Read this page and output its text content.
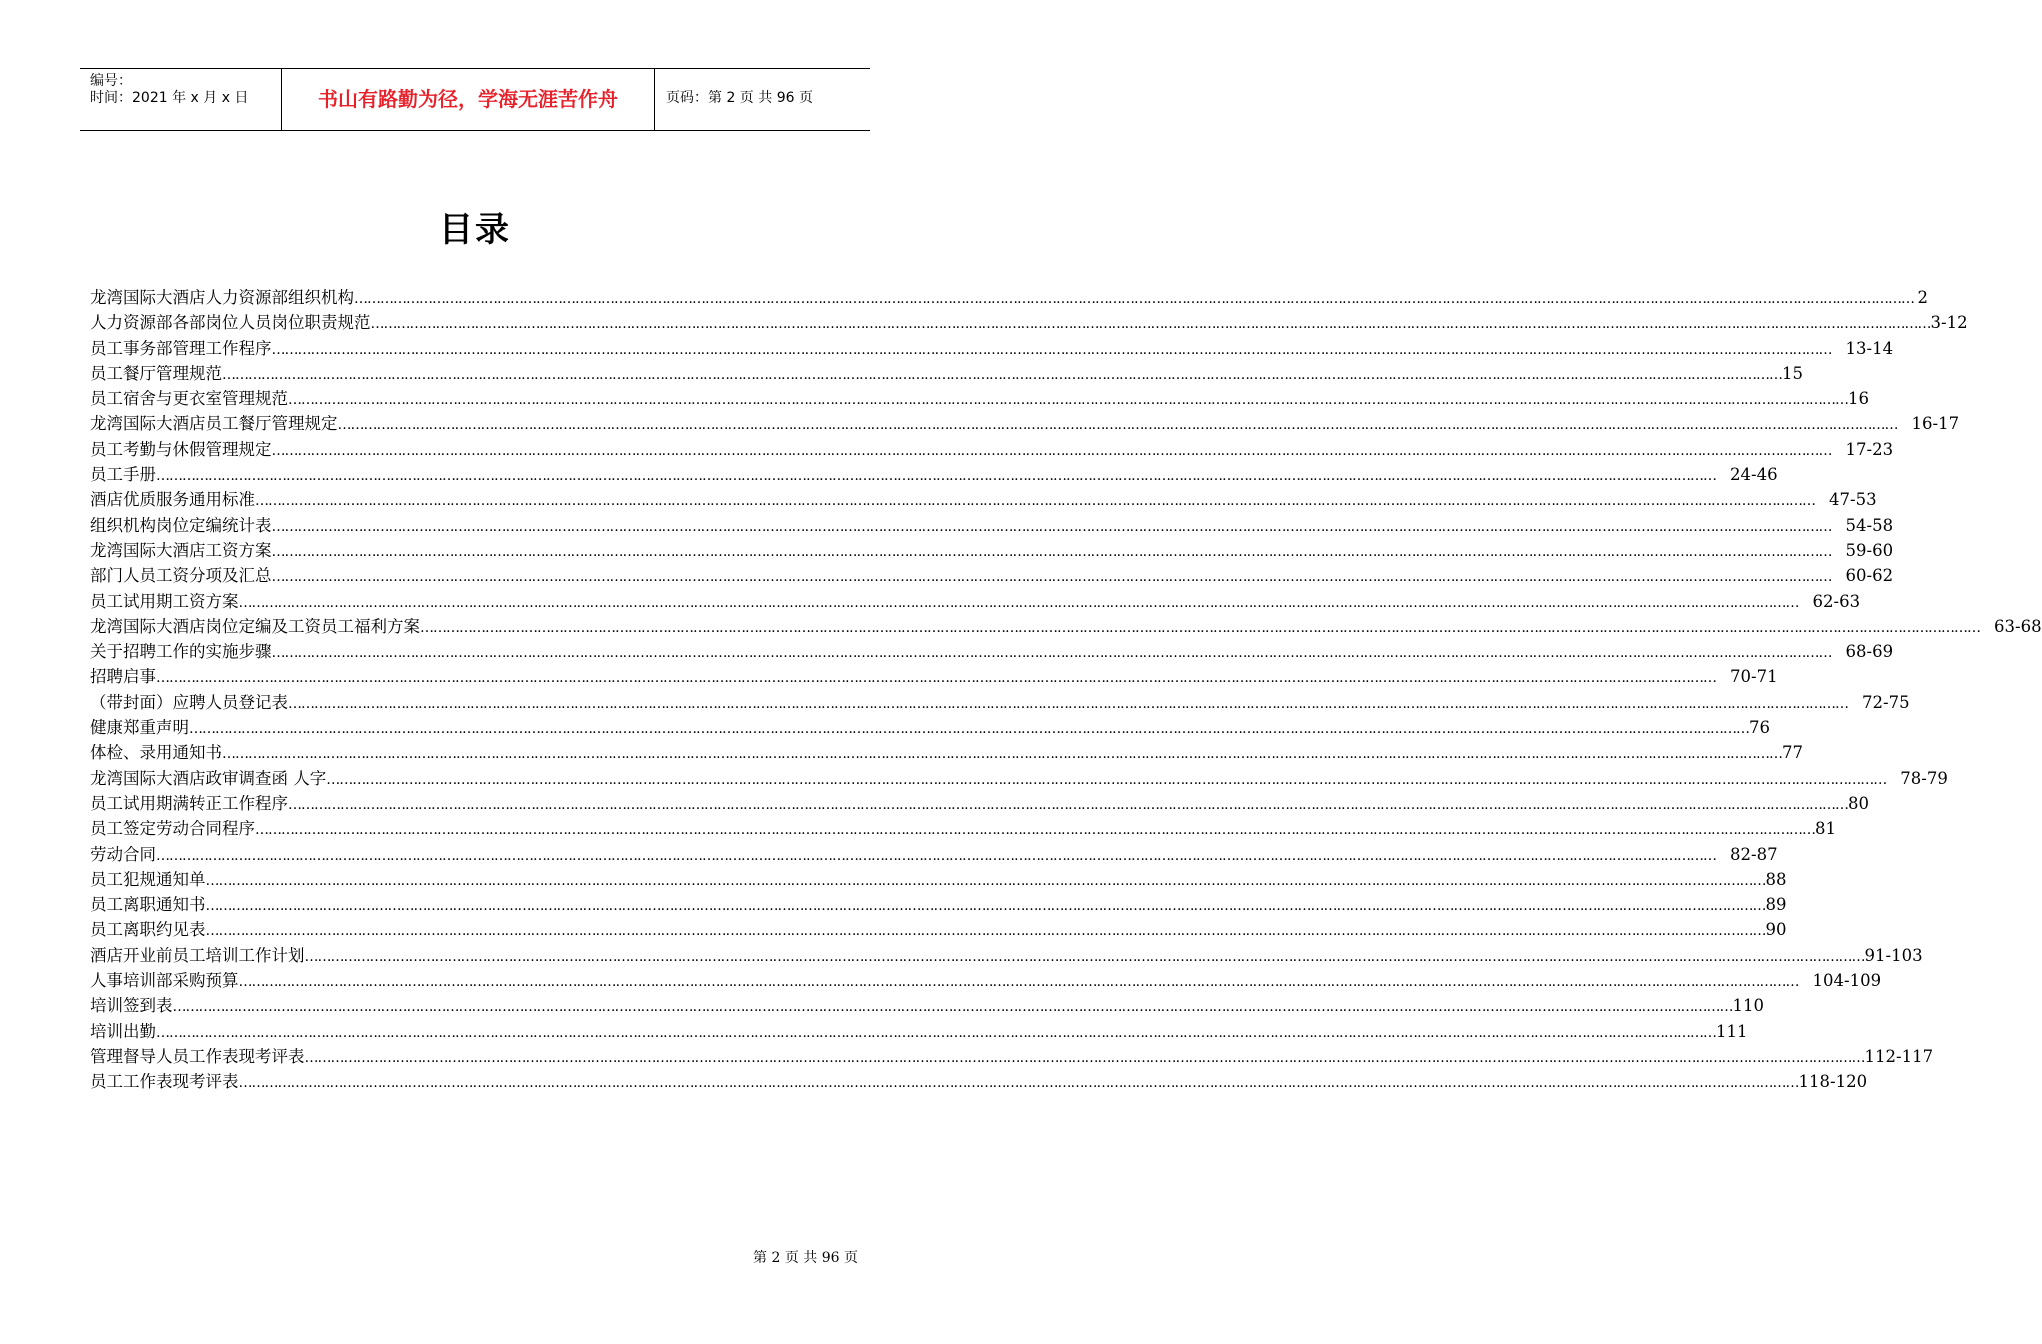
编号：
时间：2021 年 x 月 x 日	书山有路勤为径，学海无涯苦作舟	页码：第 2 页 共 96 页
目录
龙湾国际大酒店人力资源部组织机构 ……………………………………………………………………………………………………………………………………………………………………………………………………………………………………………………………………………………………………………………………… 2
人力资源部各部岗位人员岗位职责规范 ……………………………………………………………………………………………………………………………………………………………………………………………………………………………………………………………………………………………………………………………… 3-12
员工事务部管理工作程序 ……………………………………………………………………………………………………………………………………………………………………………………………………………………………………………………………………………………………………………………………… 13-14
员工餐厅管理规范 ……………………………………………………………………………………………………………………………………………………………………………………………………………………………………………………………………………………………………………………………… 15
员工宿舍与更衣室管理规范 ……………………………………………………………………………………………………………………………………………………………………………………………………………………………………………………………………………………………………………………………… 16
龙湾国际大酒店员工餐厅管理规定 ……………………………………………………………………………………………………………………………………………………………………………………………………………………………………………………………………………………………………………………………… 16-17
员工考勤与休假管理规定 ……………………………………………………………………………………………………………………………………………………………………………………………………………………………………………………………………………………………………………………………… 17-23
员工手册 ……………………………………………………………………………………………………………………………………………………………………………………………………………………………………………………………………………………………………………………………… 24-46
酒店优质服务通用标准 ……………………………………………………………………………………………………………………………………………………………………………………………………………………………………………………………………………………………………………………………… 47-53
组织机构岗位定编统计表 ……………………………………………………………………………………………………………………………………………………………………………………………………………………………………………………………………………………………………………………………… 54-58
龙湾国际大酒店工资方案 ……………………………………………………………………………………………………………………………………………………………………………………………………………………………………………………………………………………………………………………………… 59-60
部门人员工资分项及汇总 ……………………………………………………………………………………………………………………………………………………………………………………………………………………………………………………………………………………………………………………………… 60-62
员工试用期工资方案 ……………………………………………………………………………………………………………………………………………………………………………………………………………………………………………………………………………………………………………………………… 62-63
龙湾国际大酒店岗位定编及工资员工福利方案 ……………………………………………………………………………………………………………………………………………………………………………………………………………………………………………………………………………………………………………………………… 63-68
关于招聘工作的实施步骤 ……………………………………………………………………………………………………………………………………………………………………………………………………………………………………………………………………………………………………………………………… 68-69
招聘启事 ……………………………………………………………………………………………………………………………………………………………………………………………………………………………………………………………………………………………………………………………… 70-71
（带封面）应聘人员登记表 ……………………………………………………………………………………………………………………………………………………………………………………………………………………………………………………………………………………………………………………………… 72-75
健康郑重声明 ……………………………………………………………………………………………………………………………………………………………………………………………………………………………………………………………………………………………………………………………… 76
体检、录用通知书 ……………………………………………………………………………………………………………………………………………………………………………………………………………………………………………………………………………………………………………………………… 77
龙湾国际大酒店政审调查函 人字 ……………………………………………………………………………………………………………………………………………………………………………………………………………………………………………………………………………………………………………………………… 78-79
员工试用期满转正工作程序 ……………………………………………………………………………………………………………………………………………………………………………………………………………………………………………………………………………………………………………………………… 80
员工签定劳动合同程序 ……………………………………………………………………………………………………………………………………………………………………………………………………………………………………………………………………………………………………………………………… 81
劳动合同 ……………………………………………………………………………………………………………………………………………………………………………………………………………………………………………………………………………………………………………………………… 82-87
员工犯规通知单 ……………………………………………………………………………………………………………………………………………………………………………………………………………………………………………………………………………………………………………………………… 88
员工离职通知书 ……………………………………………………………………………………………………………………………………………………………………………………………………………………………………………………………………………………………………………………………… 89
员工离职约见表 ……………………………………………………………………………………………………………………………………………………………………………………………………………………………………………………………………………………………………………………………… 90
酒店开业前员工培训工作计划 ……………………………………………………………………………………………………………………………………………………………………………………………………………………………………………………………………………………………………………………………… 91-103
人事培训部采购预算 ……………………………………………………………………………………………………………………………………………………………………………………………………………………………………………………………………………………………………………………………… 104-109
培训签到表 ……………………………………………………………………………………………………………………………………………………………………………………………………………………………………………………………………………………………………………………………… 110
培训出勤 ……………………………………………………………………………………………………………………………………………………………………………………………………………………………………………………………………………………………………………………………… 111
管理督导人员工作表现考评表 ……………………………………………………………………………………………………………………………………………………………………………………………………………………………………………………………………………………………………………………………… 112-117
员工工作表现考评表 ……………………………………………………………………………………………………………………………………………………………………………………………………………………………………………………………………………………………………………………………… 118-120
第 2 页 共 96 页
